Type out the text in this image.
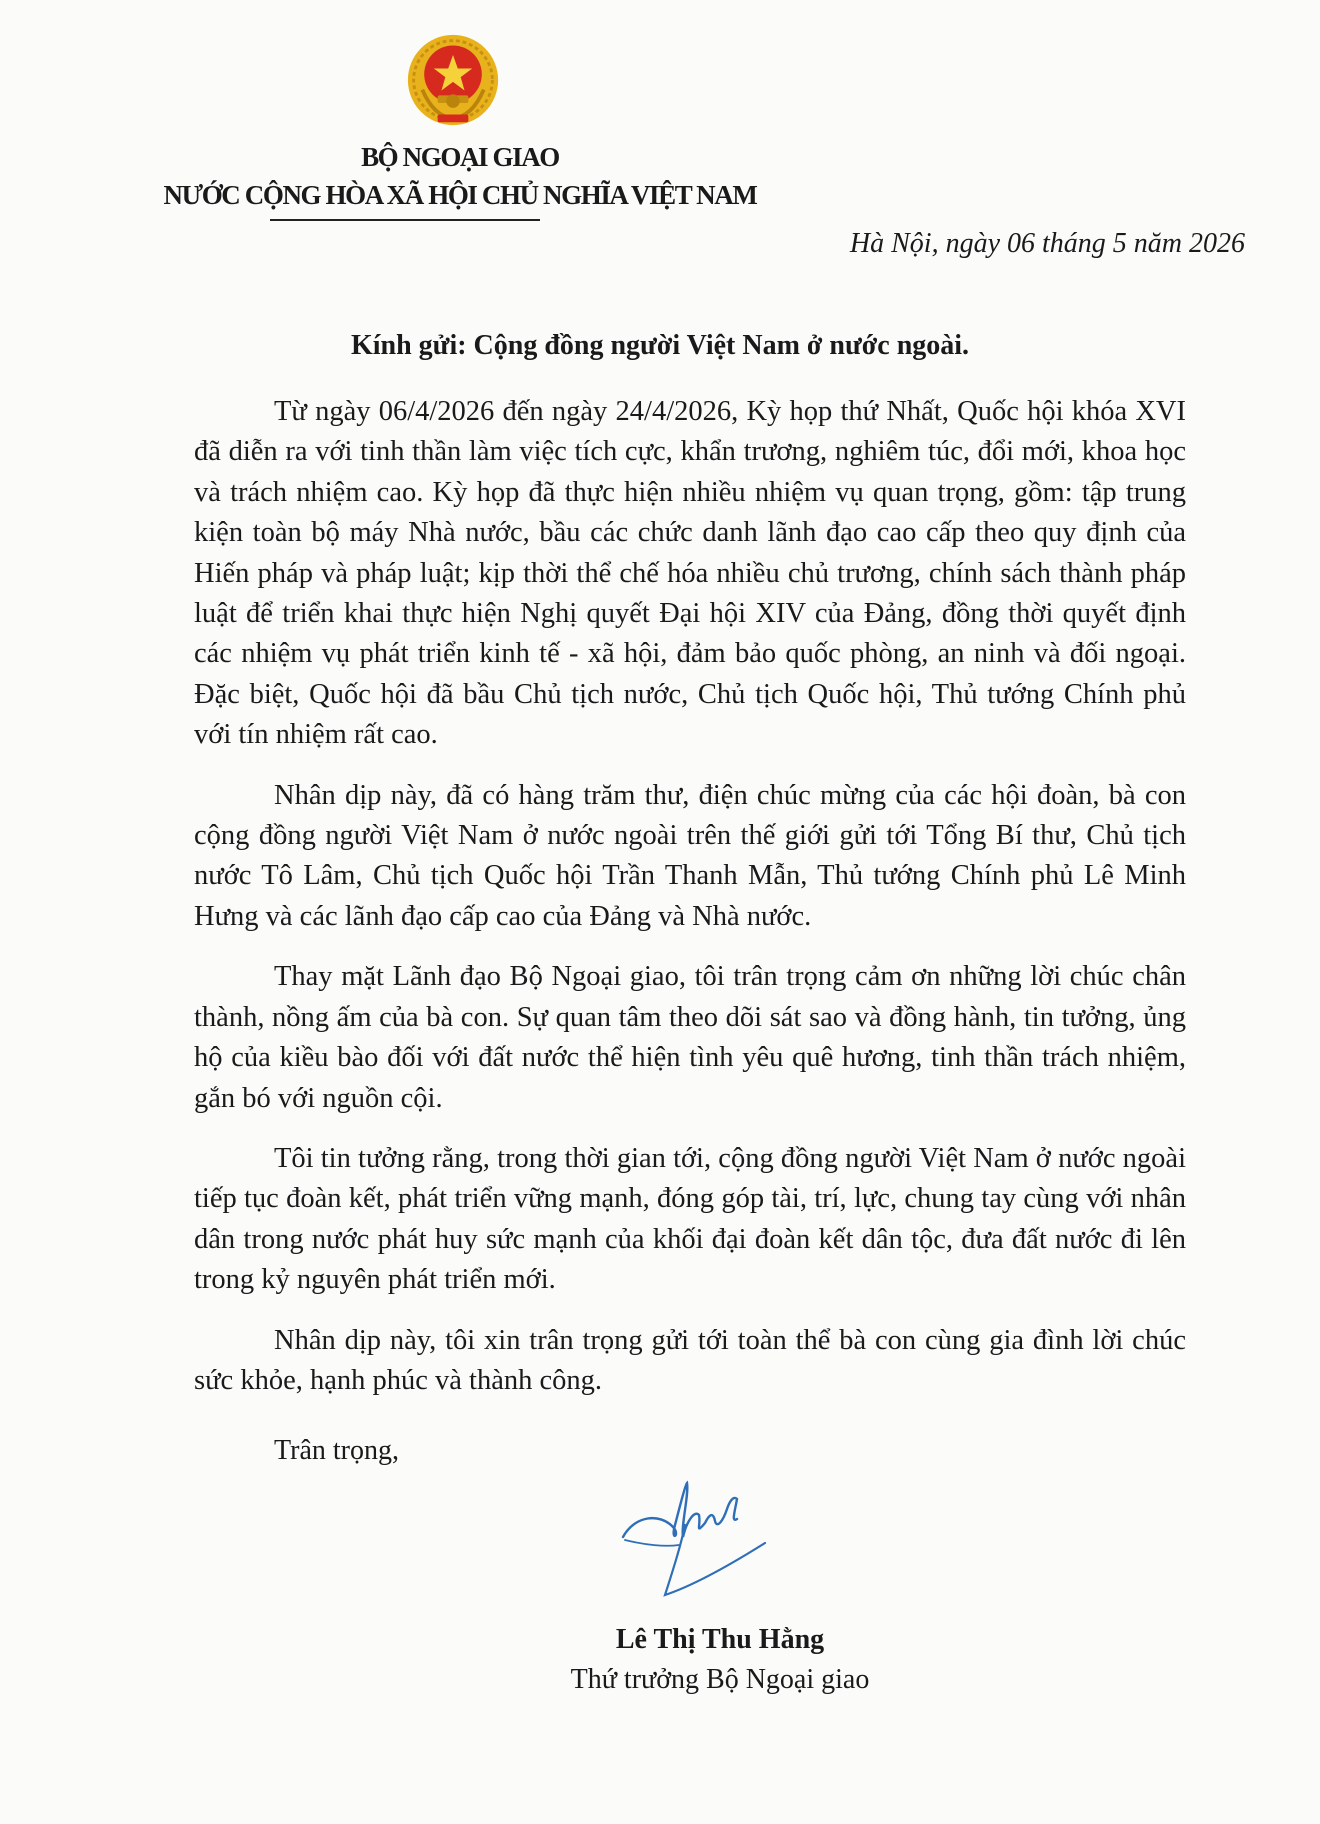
BỘ NGOẠI GIAO
NƯỚC CỘNG HÒA XÃ HỘI CHỦ NGHĨA VIỆT NAM
Hà Nội, ngày 06 tháng 5 năm 2026
Kính gửi: Cộng đồng người Việt Nam ở nước ngoài.

Từ ngày 06/4/2026 đến ngày 24/4/2026, Kỳ họp thứ Nhất, Quốc hội khóa XVI đã diễn ra với tinh thần làm việc tích cực, khẩn trương, nghiêm túc, đổi mới, khoa học và trách nhiệm cao. Kỳ họp đã thực hiện nhiều nhiệm vụ quan trọng, gồm: tập trung kiện toàn bộ máy Nhà nước, bầu các chức danh lãnh đạo cao cấp theo quy định của Hiến pháp và pháp luật; kịp thời thể chế hóa nhiều chủ trương, chính sách thành pháp luật để triển khai thực hiện Nghị quyết Đại hội XIV của Đảng, đồng thời quyết định các nhiệm vụ phát triển kinh tế - xã hội, đảm bảo quốc phòng, an ninh và đối ngoại. Đặc biệt, Quốc hội đã bầu Chủ tịch nước, Chủ tịch Quốc hội, Thủ tướng Chính phủ với tín nhiệm rất cao.

Nhân dịp này, đã có hàng trăm thư, điện chúc mừng của các hội đoàn, bà con cộng đồng người Việt Nam ở nước ngoài trên thế giới gửi tới Tổng Bí thư, Chủ tịch nước Tô Lâm, Chủ tịch Quốc hội Trần Thanh Mẫn, Thủ tướng Chính phủ Lê Minh Hưng và các lãnh đạo cấp cao của Đảng và Nhà nước.

Thay mặt Lãnh đạo Bộ Ngoại giao, tôi trân trọng cảm ơn những lời chúc chân thành, nồng ấm của bà con. Sự quan tâm theo dõi sát sao và đồng hành, tin tưởng, ủng hộ của kiều bào đối với đất nước thể hiện tình yêu quê hương, tinh thần trách nhiệm, gắn bó với nguồn cội.

Tôi tin tưởng rằng, trong thời gian tới, cộng đồng người Việt Nam ở nước ngoài tiếp tục đoàn kết, phát triển vững mạnh, đóng góp tài, trí, lực, chung tay cùng với nhân dân trong nước phát huy sức mạnh của khối đại đoàn kết dân tộc, đưa đất nước đi lên trong kỷ nguyên phát triển mới.

Nhân dịp này, tôi xin trân trọng gửi tới toàn thể bà con cùng gia đình lời chúc sức khỏe, hạnh phúc và thành công.

Trân trọng,
Lê Thị Thu Hằng
Thứ trưởng Bộ Ngoại giao
